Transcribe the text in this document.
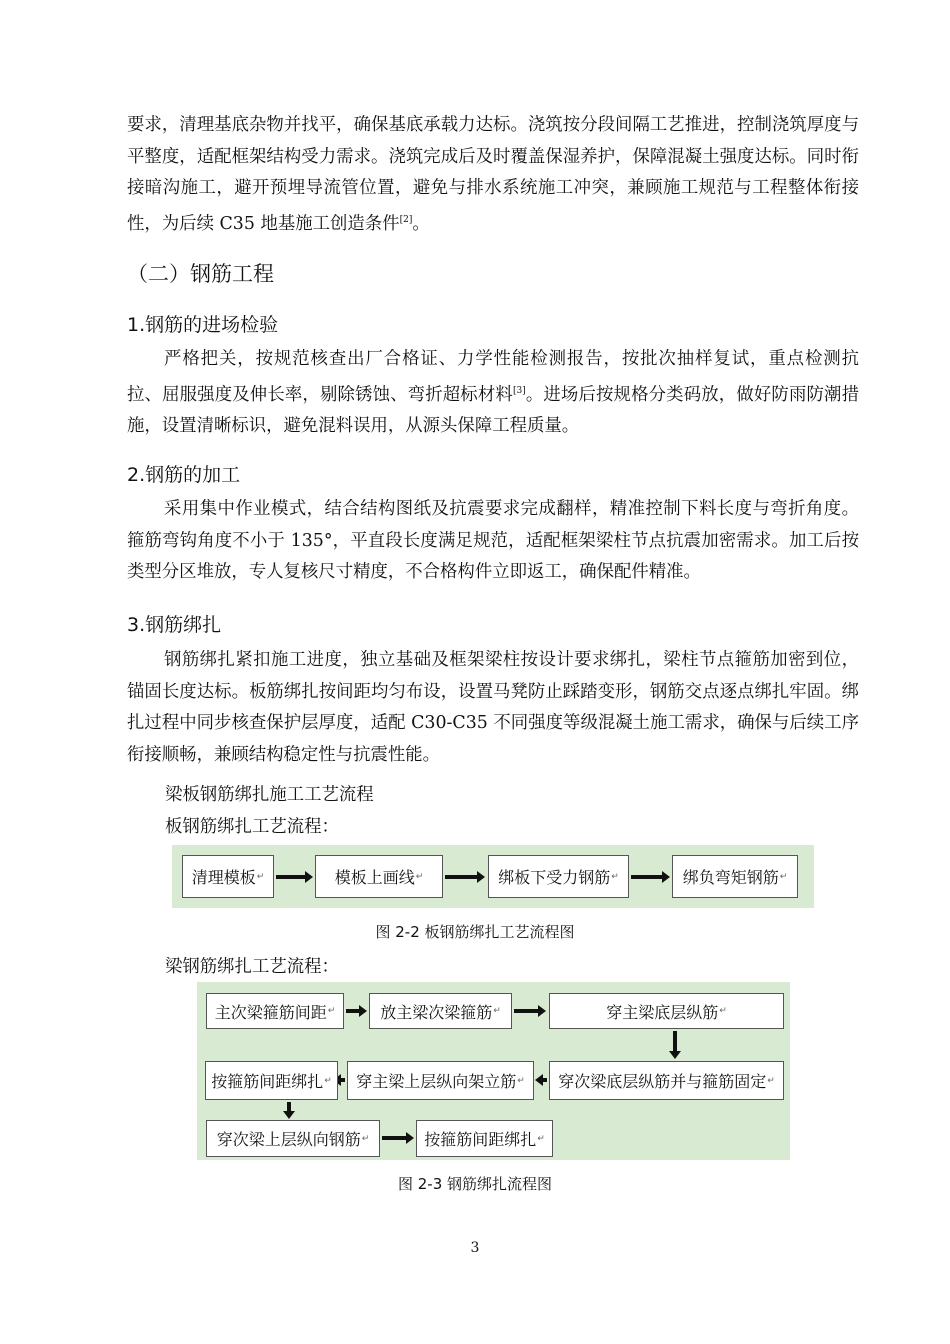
要求，清理基底杂物并找平，确保基底承载力达标。浇筑按分段间隔工艺推进，控制浇筑厚度与平整度，适配框架结构受力需求。浇筑完成后及时覆盖保湿养护，保障混凝土强度达标。同时衔接暗沟施工，避开预埋导流管位置，避免与排水系统施工冲突，兼顾施工规范与工程整体衔接性，为后续 C35 地基施工创造条件[2]。

（二）钢筋工程
1.钢筋的进场检验

严格把关，按规范核查出厂合格证、力学性能检测报告，按批次抽样复试，重点检测抗拉、屈服强度及伸长率，剔除锈蚀、弯折超标材料[3]。进场后按规格分类码放，做好防雨防潮措施，设置清晰标识，避免混料误用，从源头保障工程质量。

2.钢筋的加工

采用集中作业模式，结合结构图纸及抗震要求完成翻样，精准控制下料长度与弯折角度。箍筋弯钩角度不小于 135°，平直段长度满足规范，适配框架梁柱节点抗震加密需求。加工后按类型分区堆放，专人复核尺寸精度，不合格构件立即返工，确保配件精准。

3.钢筋绑扎

钢筋绑扎紧扣施工进度，独立基础及框架梁柱按设计要求绑扎，梁柱节点箍筋加密到位，锚固长度达标。板筋绑扎按间距均匀布设，设置马凳防止踩踏变形，钢筋交点逐点绑扎牢固。绑扎过程中同步核查保护层厚度，适配 C30-C35 不同强度等级混凝土施工需求，确保与后续工序衔接顺畅，兼顾结构稳定性与抗震性能。

梁板钢筋绑扎施工工艺流程

板钢筋绑扎工艺流程：

清理模板 ↵	模板上画线 ↵	绑板下受力钢筋 ↵	绑负弯矩钢筋 ↵

图 2-2 板钢筋绑扎工艺流程图

梁钢筋绑扎工艺流程：

主次梁箍筋间距 ↵	放主梁次梁箍筋 ↵	穿主梁底层纵筋 ↵
穿次梁底层纵筋并与箍筋固定 ↵
穿主梁上层纵向架立筋 ↵
按箍筋间距绑扎 ↵
穿次梁上层纵向钢筋 ↵	按箍筋间距绑扎 ↵

图 2-3 钢筋绑扎流程图

3
